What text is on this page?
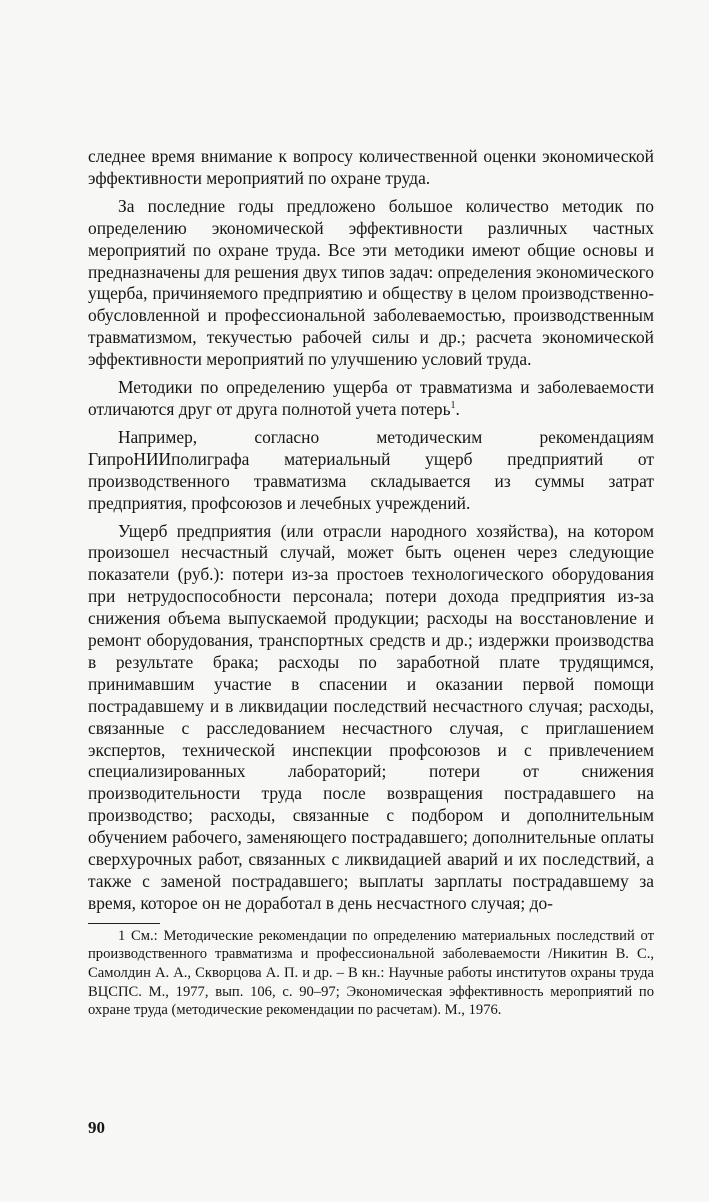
следнее время внимание к вопросу количественной оценки экономической эффективности мероприятий по охране труда.

За последние годы предложено большое количество методик по определению экономической эффективности различных частных мероприятий по охране труда. Все эти методики имеют общие основы и предназначены для решения двух типов задач: определения экономического ущерба, причиняемого предприятию и обществу в целом производственно-обусловленной и профессиональной заболеваемостью, производственным травматизмом, текучестью рабочей силы и др.; расчета экономической эффективности мероприятий по улучшению условий труда.

Методики по определению ущерба от травматизма и заболеваемости отличаются друг от друга полнотой учета потерь$^1$.

Например, согласно методическим рекомендациям ГипроНИИполиграфа материальный ущерб предприятий от производственного травматизма складывается из суммы затрат предприятия, профсоюзов и лечебных учреждений.

Ущерб предприятия (или отрасли народного хозяйства), на котором произошел несчастный случай, может быть оценен через следующие показатели (руб.): потери из-за простоев технологического оборудования при нетрудоспособности персонала; потери дохода предприятия из-за снижения объема выпускаемой продукции; расходы на восстановление и ремонт оборудования, транспортных средств и др.; издержки производства в результате брака; расходы по заработной плате трудящимся, принимавшим участие в спасении и оказании первой помощи пострадавшему и в ликвидации последствий несчастного случая; расходы, связанные с расследованием несчастного случая, с приглашением экспертов, технической инспекции профсоюзов и с привлечением специализированных лабораторий; потери от снижения производительности труда после возвращения пострадавшего на производство; расходы, связанные с подбором и дополнительным обучением рабочего, заменяющего пострадавшего; дополнительные оплаты сверхурочных работ, связанных с ликвидацией аварий и их последствий, а также с заменой пострадавшего; выплаты зарплаты пострадавшему за время, которое он не доработал в день несчастного случая; до-

1 См.: Методические рекомендации по определению материальных последствий от производственного травматизма и профессиональной заболеваемости /Никитин В. С., Самолдин А. А., Скворцова А. П. и др. – В кн.: Научные работы институтов охраны труда ВЦСПС. М., 1977, вып. 106, с. 90–97; Экономическая эффективность мероприятий по охране труда (методические рекомендации по расчетам). М., 1976.

90
